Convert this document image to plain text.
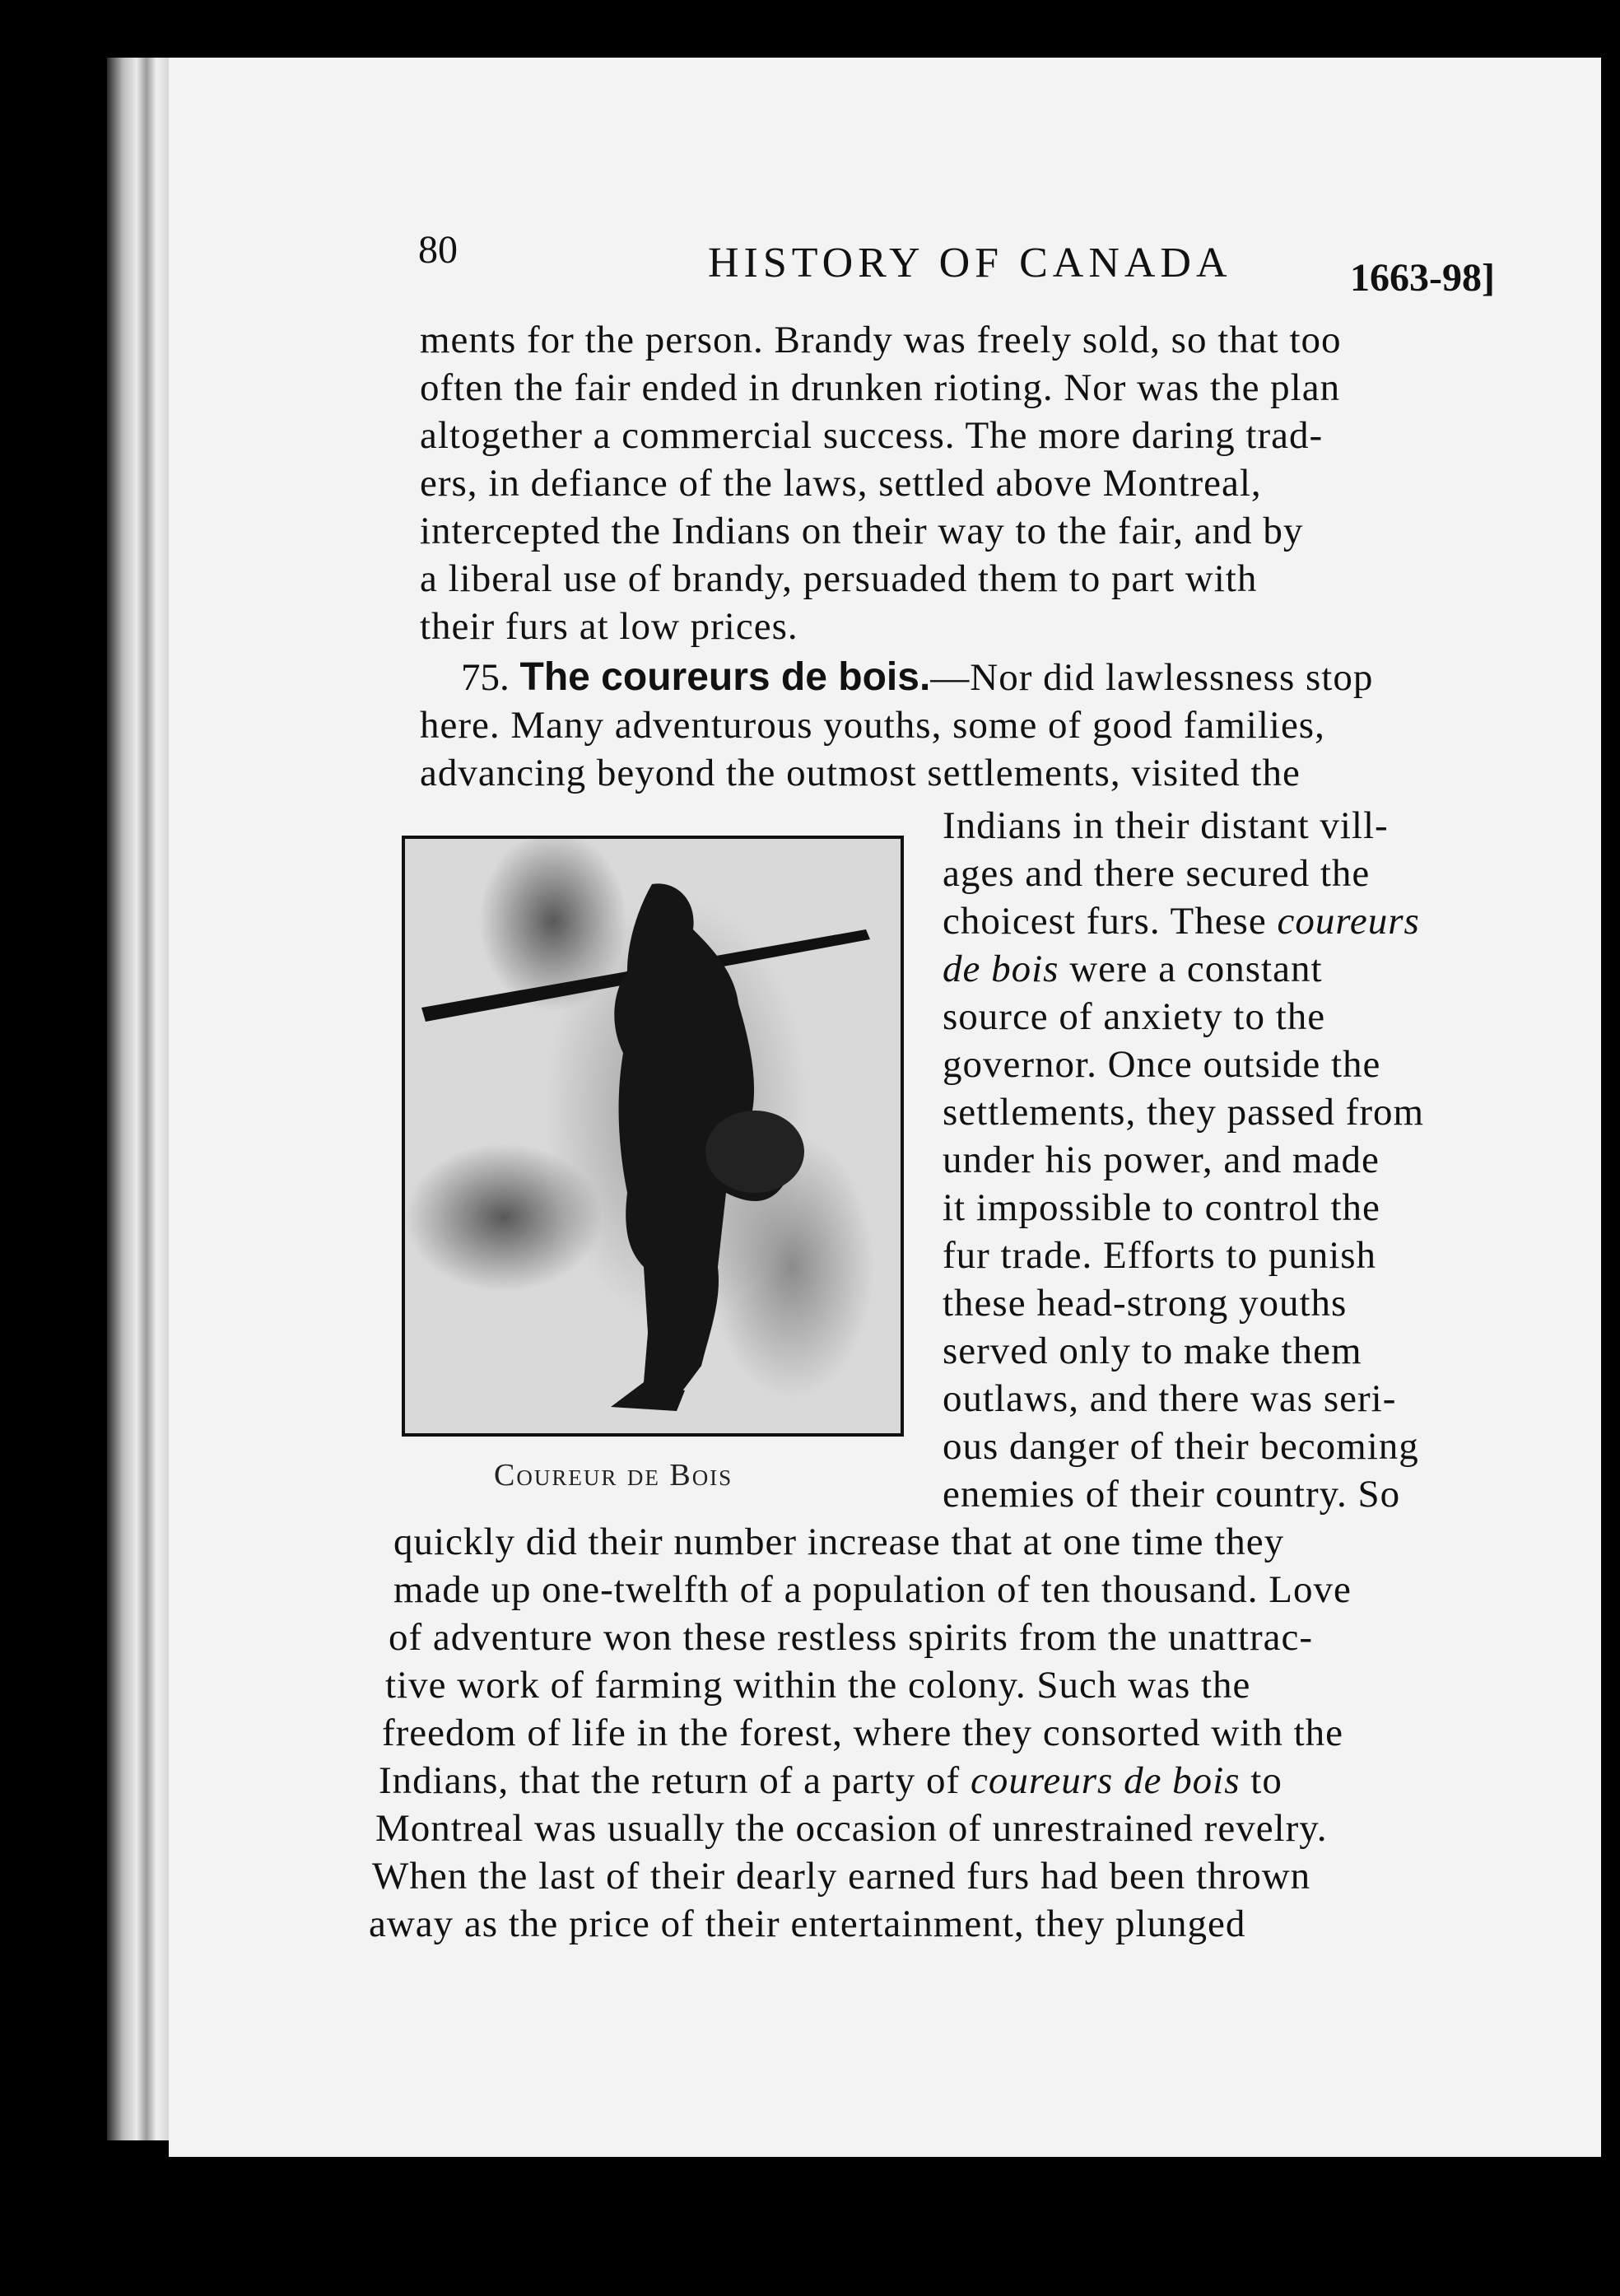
80	HISTORY OF CANADA	1663-98]
ments for the person. Brandy was freely sold, so that too
often the fair ended in drunken rioting. Nor was the plan
altogether a commercial success. The more daring trad-
ers, in defiance of the laws, settled above Montreal,
intercepted the Indians on their way to the fair, and by
a liberal use of brandy, persuaded them to part with
their furs at low prices.
75. The coureurs de bois.—Nor did lawlessness stop
here. Many adventurous youths, some of good families,
advancing beyond the outmost settlements, visited the
Coureur de Bois
Indians in their distant vill-
ages and there secured the
choicest furs. These coureurs
de bois were a constant
source of anxiety to the
governor. Once outside the
settlements, they passed from
under his power, and made
it impossible to control the
fur trade. Efforts to punish
these head-strong youths
served only to make them
outlaws, and there was seri-
ous danger of their becoming
enemies of their country. So
quickly did their number increase that at one time they
made up one-twelfth of a population of ten thousand. Love
of adventure won these restless spirits from the unattrac-
tive work of farming within the colony. Such was the
freedom of life in the forest, where they consorted with the
Indians, that the return of a party of coureurs de bois to
Montreal was usually the occasion of unrestrained revelry.
When the last of their dearly earned furs had been thrown
away as the price of their entertainment, they plunged
